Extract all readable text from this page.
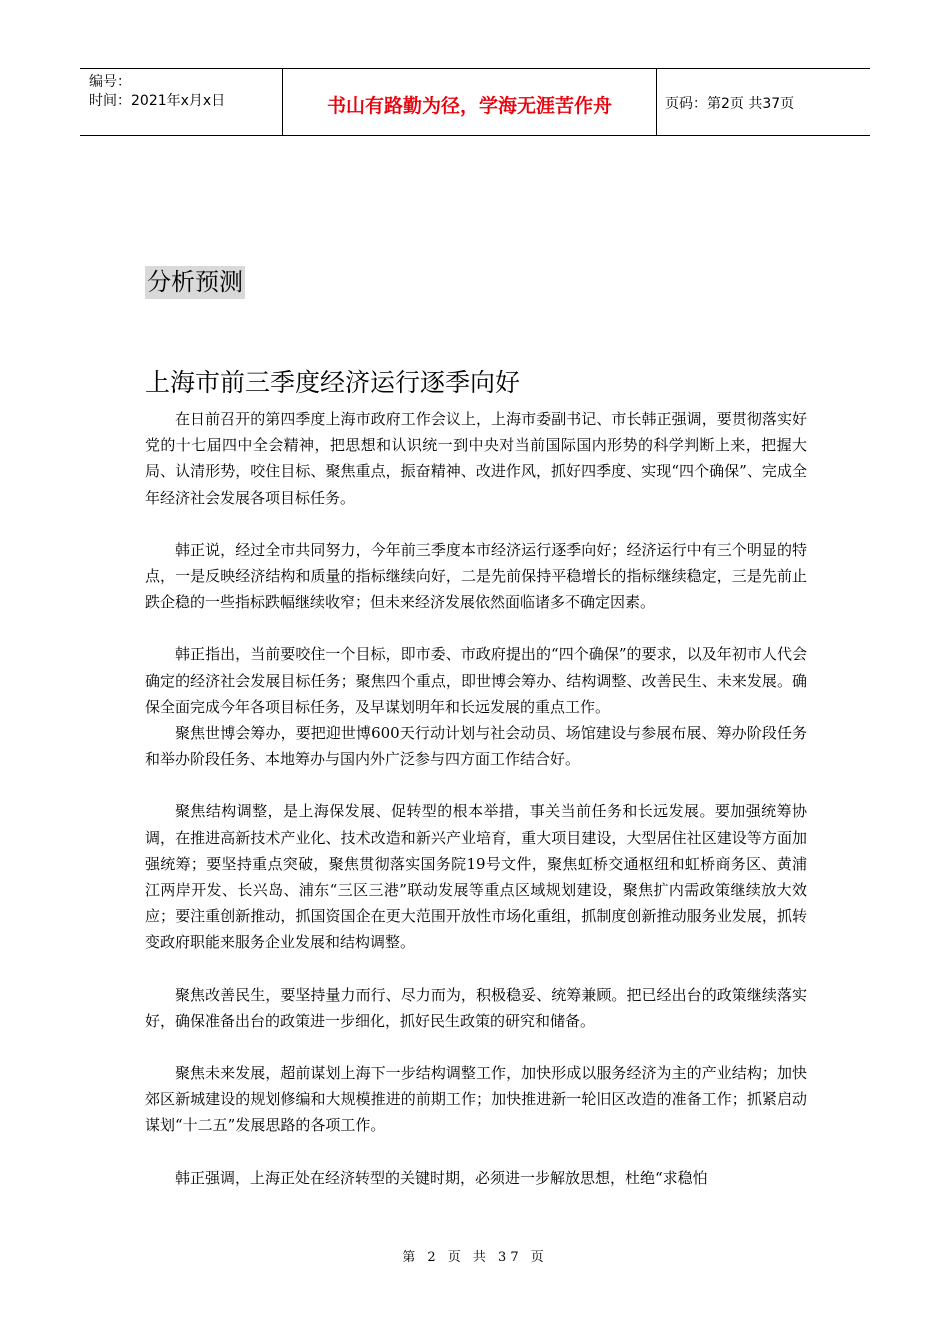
编号：
时间：2021年x月x日	书山有路勤为径，学海无涯苦作舟	页码：第2页 共37页
分析预测
上海市前三季度经济运行逐季向好

在日前召开的第四季度上海市政府工作会议上，上海市委副书记、市长韩正强调，要贯彻落实好党的十七届四中全会精神，把思想和认识统一到中央对当前国际国内形势的科学判断上来，把握大局、认清形势，咬住目标、聚焦重点，振奋精神、改进作风，抓好四季度、实现“四个确保”、完成全年经济社会发展各项目标任务。

韩正说，经过全市共同努力，今年前三季度本市经济运行逐季向好；经济运行中有三个明显的特点，一是反映经济结构和质量的指标继续向好，二是先前保持平稳增长的指标继续稳定，三是先前止跌企稳的一些指标跌幅继续收窄；但未来经济发展依然面临诸多不确定因素。

韩正指出，当前要咬住一个目标，即市委、市政府提出的“四个确保”的要求，以及年初市人代会确定的经济社会发展目标任务；聚焦四个重点，即世博会筹办、结构调整、改善民生、未来发展。确保全面完成今年各项目标任务，及早谋划明年和长远发展的重点工作。

聚焦世博会筹办，要把迎世博600天行动计划与社会动员、场馆建设与参展布展、筹办阶段任务和举办阶段任务、本地筹办与国内外广泛参与四方面工作结合好。

聚焦结构调整，是上海保发展、促转型的根本举措，事关当前任务和长远发展。要加强统筹协调，在推进高新技术产业化、技术改造和新兴产业培育，重大项目建设，大型居住社区建设等方面加强统筹；要坚持重点突破，聚焦贯彻落实国务院19号文件，聚焦虹桥交通枢纽和虹桥商务区、黄浦江两岸开发、长兴岛、浦东“三区三港”联动发展等重点区域规划建设，聚焦扩内需政策继续放大效应；要注重创新推动，抓国资国企在更大范围开放性市场化重组，抓制度创新推动服务业发展，抓转变政府职能来服务企业发展和结构调整。

聚焦改善民生，要坚持量力而行、尽力而为，积极稳妥、统筹兼顾。把已经出台的政策继续落实好，确保准备出台的政策进一步细化，抓好民生政策的研究和储备。

聚焦未来发展，超前谋划上海下一步结构调整工作，加快形成以服务经济为主的产业结构；加快郊区新城建设的规划修编和大规模推进的前期工作；加快推进新一轮旧区改造的准备工作；抓紧启动谋划“十二五”发展思路的各项工作。

韩正强调，上海正处在经济转型的关键时期，必须进一步解放思想，杜绝“求稳怕

第 2 页 共 37 页
